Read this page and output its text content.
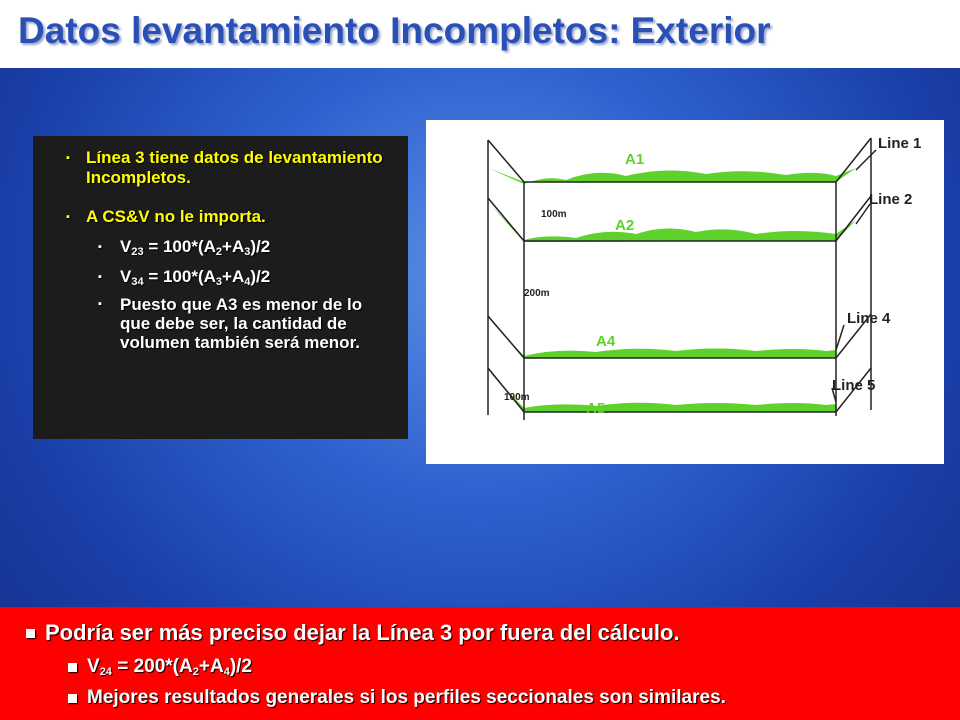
Datos levantamiento Incompletos: Exterior
▪ Línea 3 tiene datos de levantamiento Incompletos.
▪ A CS&V no le importa.
▪ $V_{23} = 100*(A_2+A_3)/2$
▪ $V_{34} = 100*(A_3+A_4)/2$
▪ Puesto que A3 es menor de lo que debe ser, la cantidad de volumen también será menor.
A1
A2
A4
A5
Line 1
Line 2
Line 4
Line 5
100m
200m
100m
Podría ser más preciso dejar la Línea 3 por fuera del cálculo.
$V_{24} = 200*(A_2+A_4)/2$
Mejores resultados generales si los perfiles seccionales son similares.
